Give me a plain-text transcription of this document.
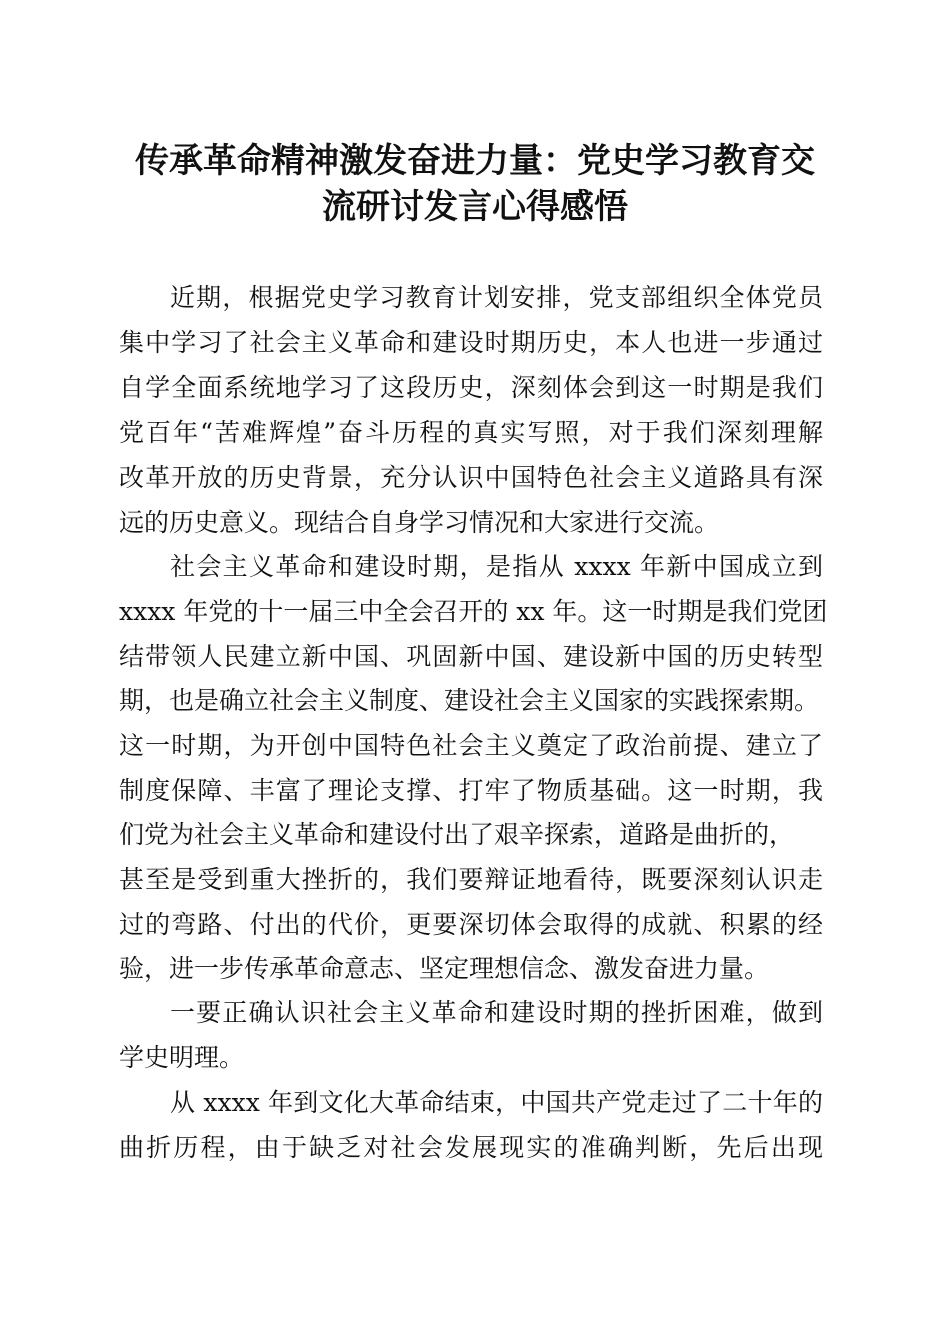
传承革命精神激发奋进力量：党史学习教育交
流研讨发言心得感悟
近期，根据党史学习教育计划安排，党支部组织全体党员
集中学习了社会主义革命和建设时期历史，本人也进一步通过
自学全面系统地学习了这段历史，深刻体会到这一时期是我们
党百年“苦难辉煌”奋斗历程的真实写照，对于我们深刻理解
改革开放的历史背景，充分认识中国特色社会主义道路具有深
远的历史意义。现结合自身学习情况和大家进行交流。
社会主义革命和建设时期，是指从 xxxx 年新中国成立到
xxxx 年党的十一届三中全会召开的 xx 年。这一时期是我们党团
结带领人民建立新中国、巩固新中国、建设新中国的历史转型
期，也是确立社会主义制度、建设社会主义国家的实践探索期。
这一时期，为开创中国特色社会主义奠定了政治前提、建立了
制度保障、丰富了理论支撑、打牢了物质基础。这一时期，我
们党为社会主义革命和建设付出了艰辛探索，道路是曲折的，
甚至是受到重大挫折的，我们要辩证地看待，既要深刻认识走
过的弯路、付出的代价，更要深切体会取得的成就、积累的经
验，进一步传承革命意志、坚定理想信念、激发奋进力量。
一要正确认识社会主义革命和建设时期的挫折困难，做到
学史明理。
从 xxxx 年到文化大革命结束，中国共产党走过了二十年的
曲折历程，由于缺乏对社会发展现实的准确判断，先后出现
